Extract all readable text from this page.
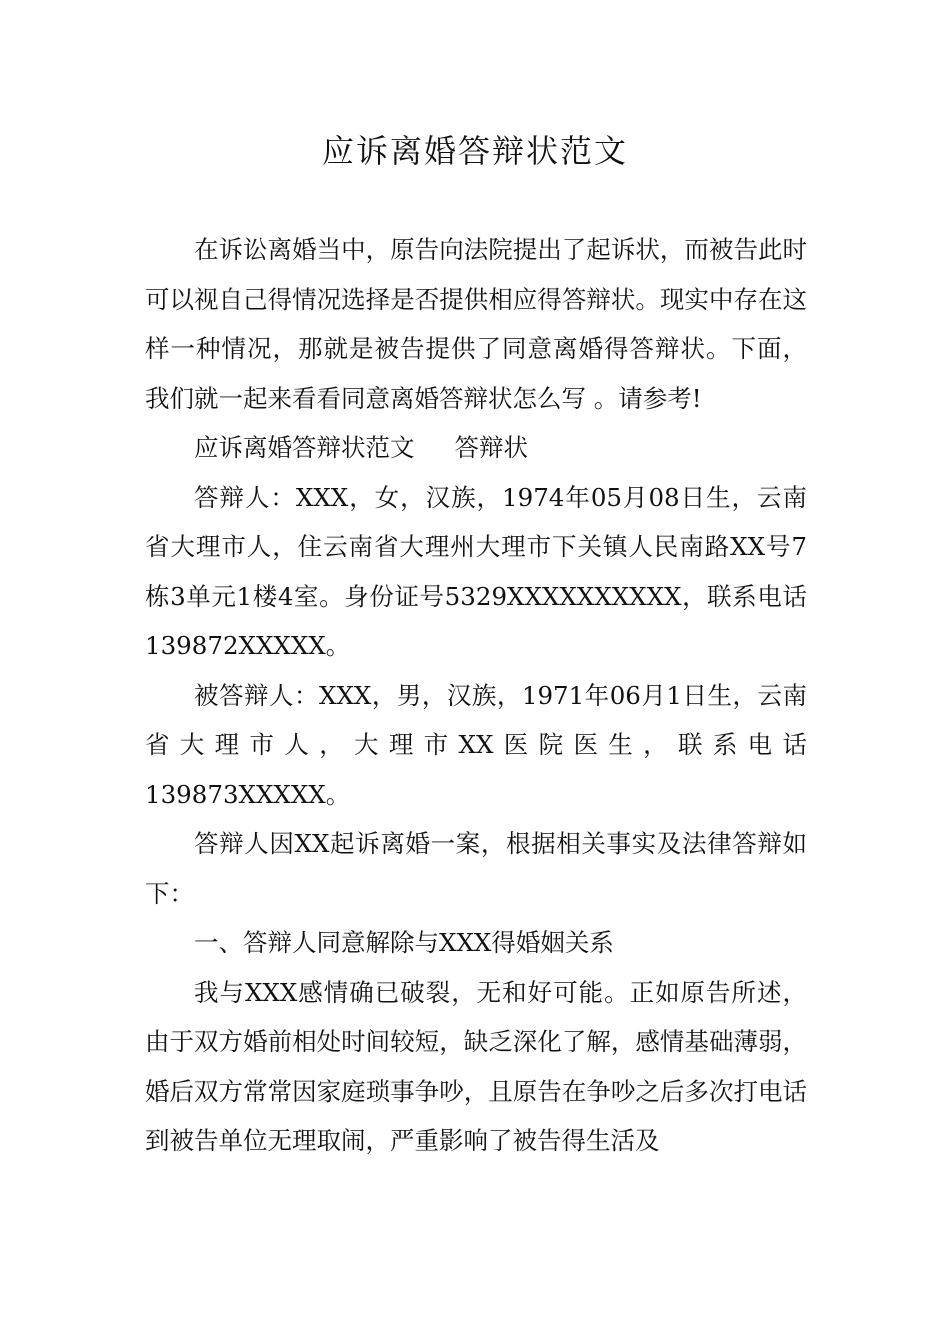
应诉离婚答辩状范文

在诉讼离婚当中，原告向法院提出了起诉状，而被告此时可以视自己得情况选择是否提供相应得答辩状。现实中存在这样一种情况，那就是被告提供了同意离婚得答辩状。下面， 我们就一起来看看同意离婚答辩状怎么写 。请参考!

应诉离婚答辩状范文 答辩状

答辩人：XXX，女，汉族，1974年05月08日生，云南省大理市人，住云南省大理州大理市下关镇人民南路XX号7栋3单元1楼4室。身份证号5329XXXXXXXXXX，联系电话139872XXXXX。

被答辩人：XXX，男，汉族，1971年06月1日生，云南省大理市人，大理市XX医院医生，联系电话139873XXXXX。

答辩人因XX起诉离婚一案，根据相关事实及法律答辩如下：

一、答辩人同意解除与XXX得婚姻关系

我与XXX感情确已破裂，无和好可能。正如原告所述，由于双方婚前相处时间较短，缺乏深化了解，感情基础薄弱，婚后双方常常因家庭琐事争吵，且原告在争吵之后多次打电话到被告单位无理取闹，严重影响了被告得生活及
